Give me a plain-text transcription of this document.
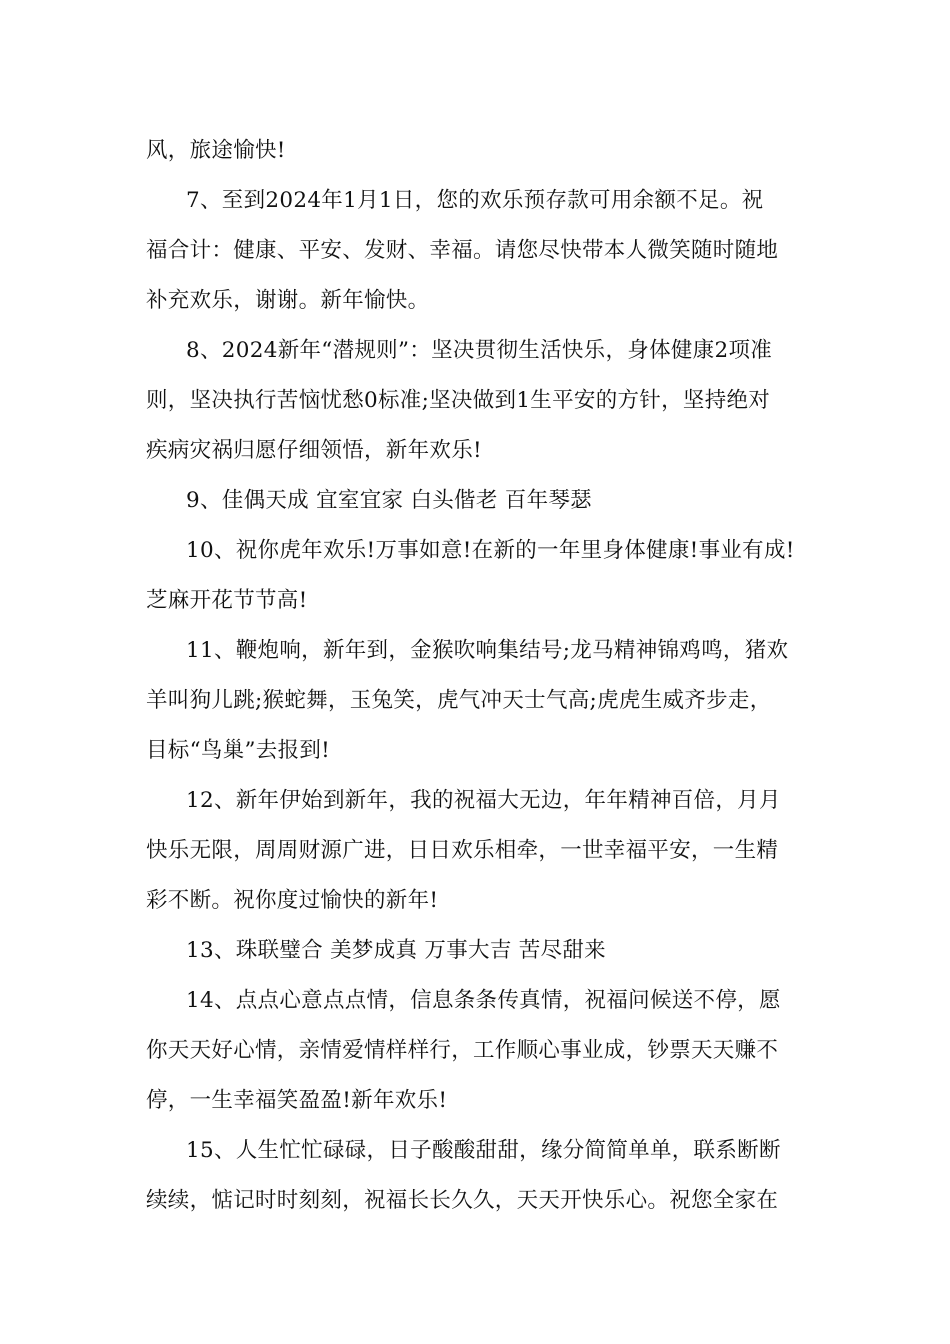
风，旅途愉快!
7、至到2024年1月1日，您的欢乐预存款可用余额不足。祝
福合计：健康、平安、发财、幸福。请您尽快带本人微笑随时随地
补充欢乐，谢谢。新年愉快。
8、2024新年“潜规则”：坚决贯彻生活快乐，身体健康2项准
则，坚决执行苦恼忧愁0标准;坚决做到1生平安的方针，坚持绝对
疾病灾祸归愿仔细领悟，新年欢乐!
9、佳偶天成 宜室宜家 白头偕老 百年琴瑟
10、祝你虎年欢乐!万事如意!在新的一年里身体健康!事业有成!
芝麻开花节节高!
11、鞭炮响，新年到，金猴吹响集结号;龙马精神锦鸡鸣，猪欢
羊叫狗儿跳;猴蛇舞，玉兔笑，虎气冲天士气高;虎虎生威齐步走，
目标“鸟巢”去报到!
12、新年伊始到新年，我的祝福大无边，年年精神百倍，月月
快乐无限，周周财源广进，日日欢乐相牵，一世幸福平安，一生精
彩不断。祝你度过愉快的新年!
13、珠联璧合 美梦成真 万事大吉 苦尽甜来
14、点点心意点点情，信息条条传真情，祝福问候送不停，愿
你天天好心情，亲情爱情样样行，工作顺心事业成，钞票天天赚不
停，一生幸福笑盈盈!新年欢乐!
15、人生忙忙碌碌，日子酸酸甜甜，缘分简简单单，联系断断
续续，惦记时时刻刻，祝福长长久久，天天开快乐心。祝您全家在
